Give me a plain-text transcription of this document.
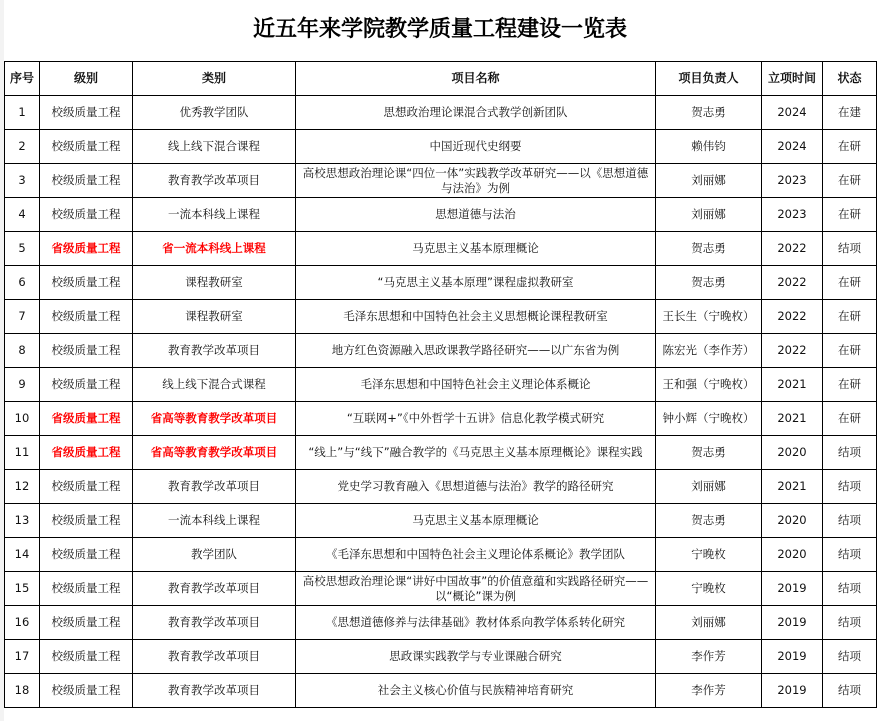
近五年来学院教学质量工程建设一览表
序号	级别	类别	项目名称	项目负责人	立项时间	状态
1	校级质量工程	优秀教学团队	思想政治理论课混合式教学创新团队	贺志勇	2024	在建
2	校级质量工程	线上线下混合课程	中国近现代史纲要	赖伟钧	2024	在研
3	校级质量工程	教育教学改革项目	高校思想政治理论课“四位一体”实践教学改革研究——以《思想道德与法治》为例	刘丽娜	2023	在研
4	校级质量工程	一流本科线上课程	思想道德与法治	刘丽娜	2023	在研
5	省级质量工程	省一流本科线上课程	马克思主义基本原理概论	贺志勇	2022	结项
6	校级质量工程	课程教研室	“马克思主义基本原理”课程虚拟教研室	贺志勇	2022	在研
7	校级质量工程	课程教研室	毛泽东思想和中国特色社会主义思想概论课程教研室	王长生（宁晚枚）	2022	在研
8	校级质量工程	教育教学改革项目	地方红色资源融入思政课教学路径研究——以广东省为例	陈宏光（李作芳）	2022	在研
9	校级质量工程	线上线下混合式课程	毛泽东思想和中国特色社会主义理论体系概论	王和强（宁晚枚）	2021	在研
10	省级质量工程	省高等教育教学改革项目	“互联网+”《中外哲学十五讲》信息化教学模式研究	钟小辉（宁晚枚）	2021	在研
11	省级质量工程	省高等教育教学改革项目	“线上”与“线下”融合教学的《马克思主义基本原理概论》课程实践	贺志勇	2020	结项
12	校级质量工程	教育教学改革项目	党史学习教育融入《思想道德与法治》教学的路径研究	刘丽娜	2021	结项
13	校级质量工程	一流本科线上课程	马克思主义基本原理概论	贺志勇	2020	结项
14	校级质量工程	教学团队	《毛泽东思想和中国特色社会主义理论体系概论》教学团队	宁晚枚	2020	结项
15	校级质量工程	教育教学改革项目	高校思想政治理论课“讲好中国故事”的价值意蕴和实践路径研究——以“概论”课为例	宁晚枚	2019	结项
16	校级质量工程	教育教学改革项目	《思想道德修养与法律基础》教材体系向教学体系转化研究	刘丽娜	2019	结项
17	校级质量工程	教育教学改革项目	思政课实践教学与专业课融合研究	李作芳	2019	结项
18	校级质量工程	教育教学改革项目	社会主义核心价值与民族精神培育研究	李作芳	2019	结项
